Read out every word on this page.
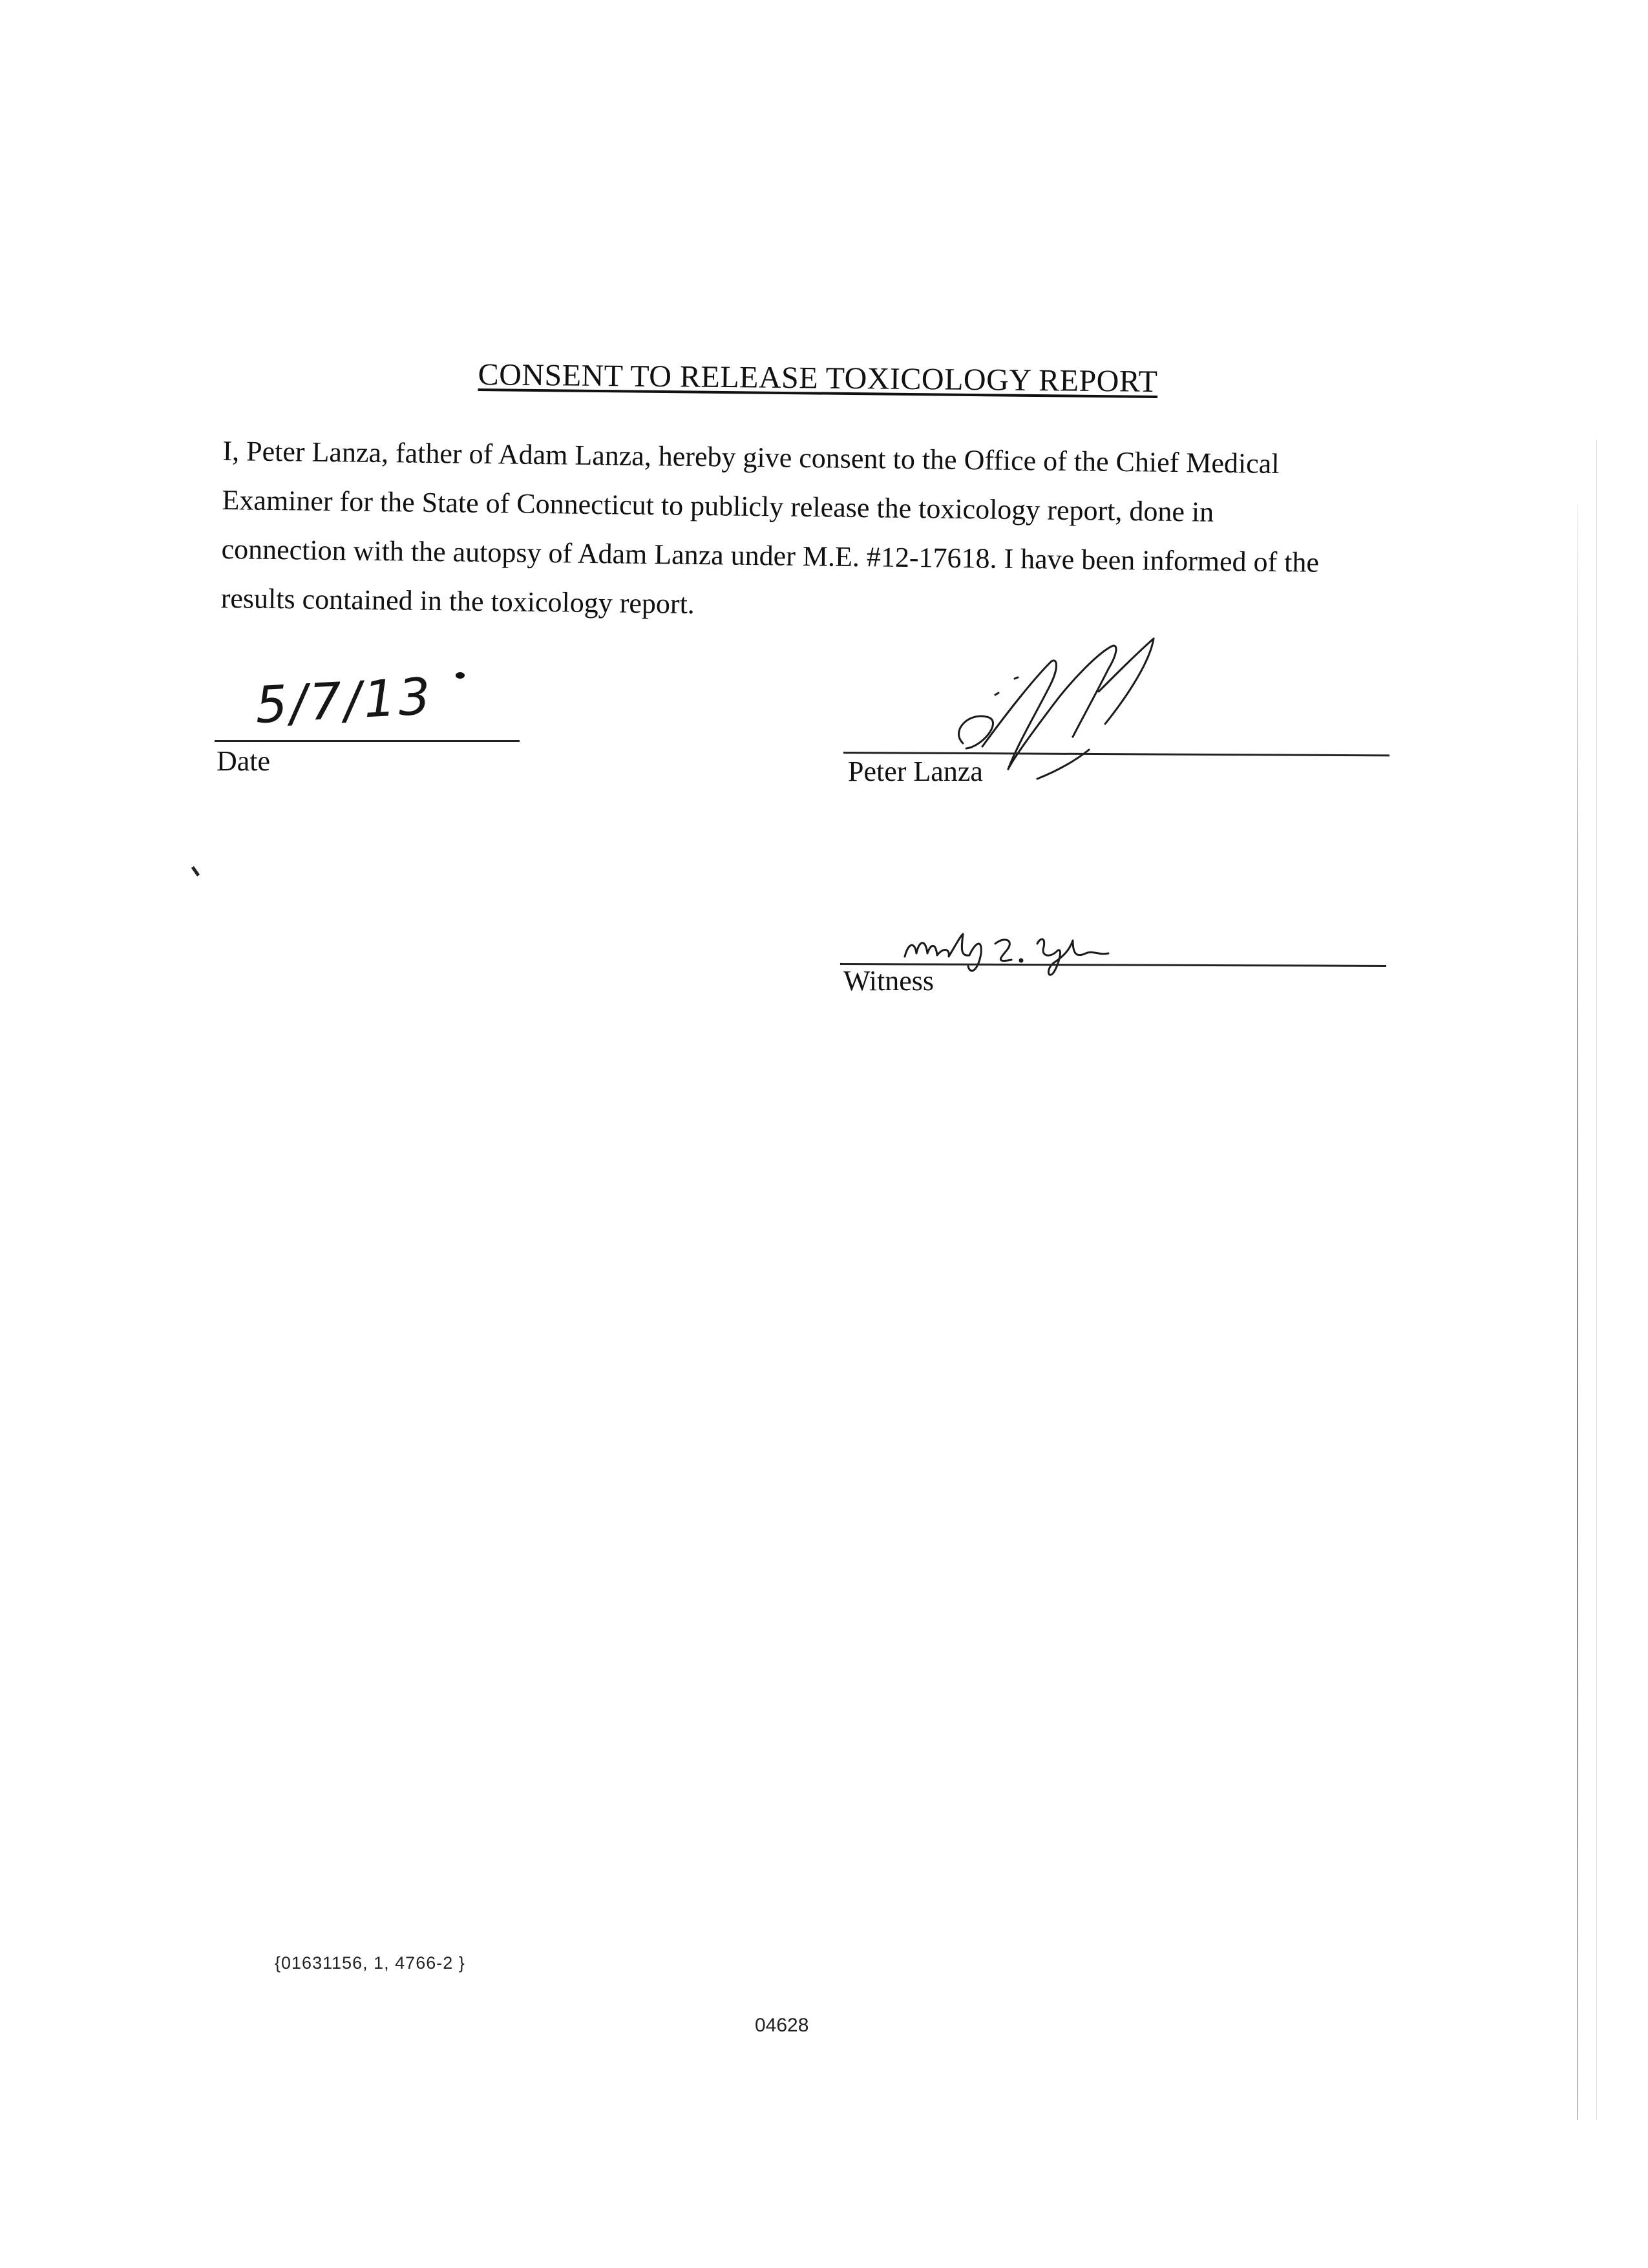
CONSENT TO RELEASE TOXICOLOGY REPORT
I, Peter Lanza, father of Adam Lanza, hereby give consent to the Office of the Chief Medical
Examiner for the State of Connecticut to publicly release the toxicology report, done in
connection with the autopsy of Adam Lanza under M.E. #12-17618. I have been informed of the
results contained in the toxicology report.
5/7/13
Date	Peter Lanza
Witness
{01631156, 1, 4766-2 }
04628
